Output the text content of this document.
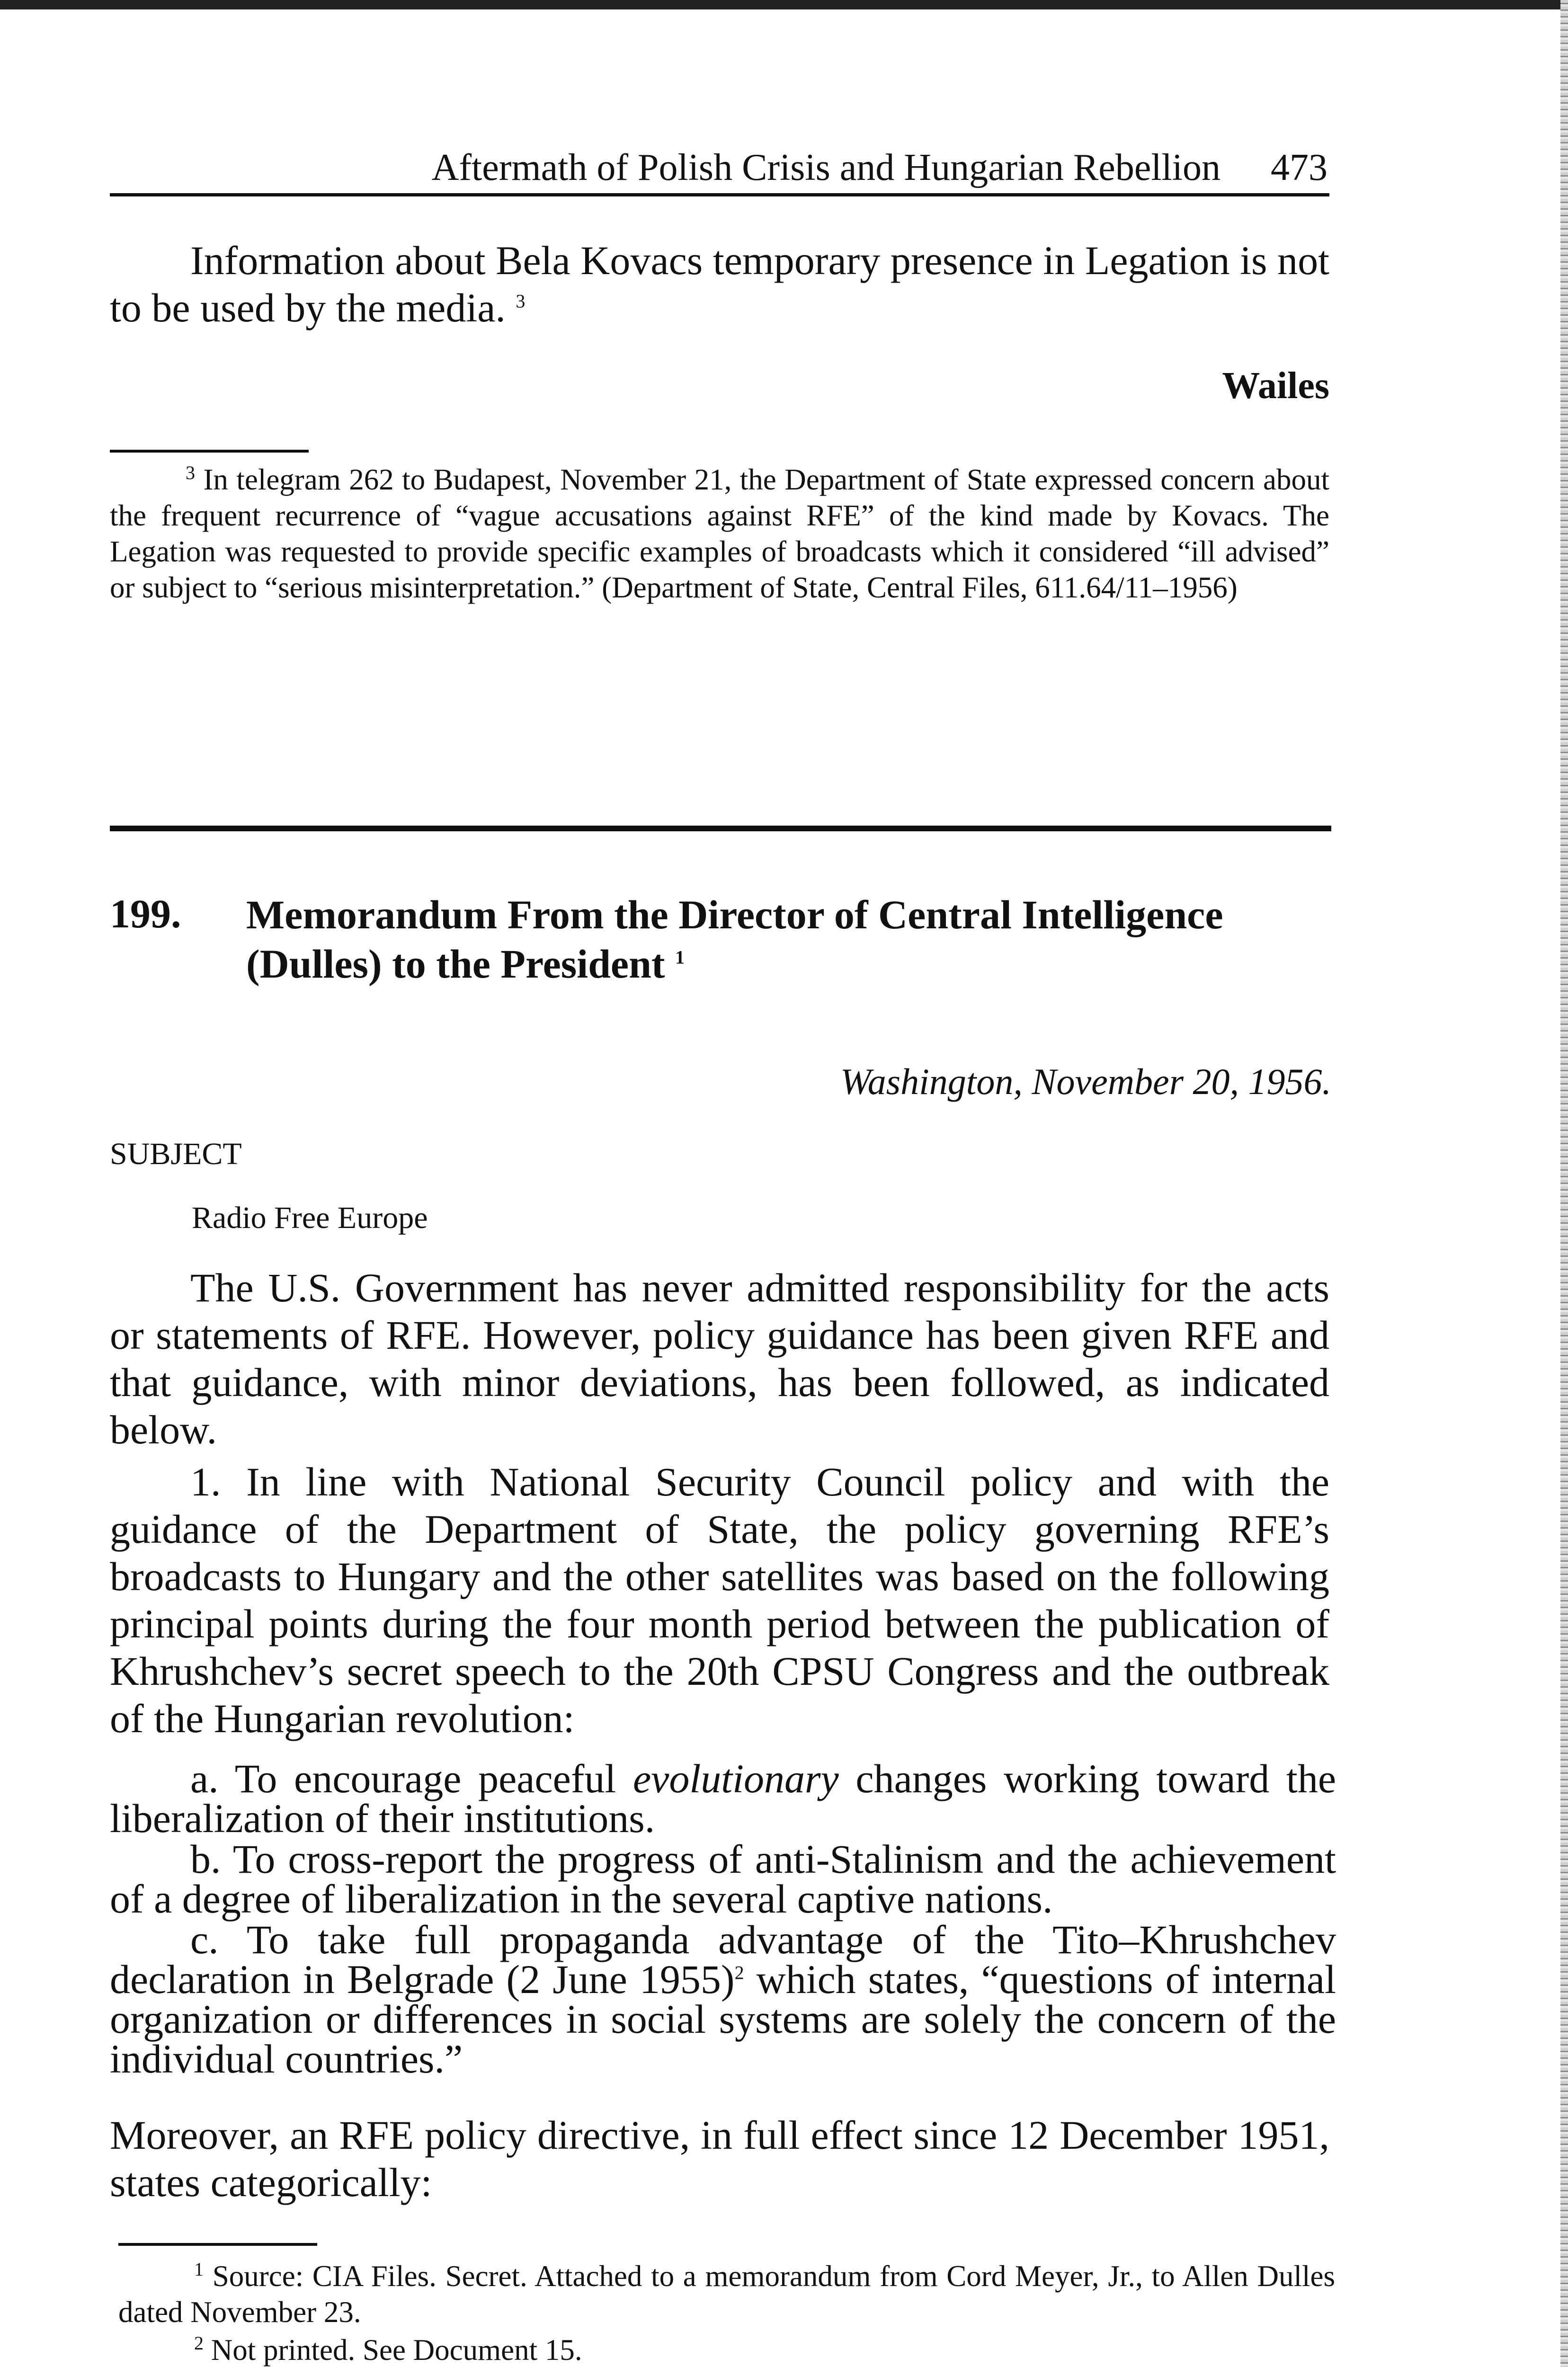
Aftermath of Polish Crisis and Hungarian Rebellion 473
Information about Bela Kovacs temporary presence in Legation is not to be used by the media. $^3$
Wailes
$^3$ In telegram 262 to Budapest, November 21, the Department of State expressed concern about the frequent recurrence of “vague accusations against RFE” of the kind made by Kovacs. The Legation was requested to provide specific examples of broadcasts which it considered “ill advised” or subject to “serious misinterpretation.” (Department of State, Central Files, 611.64/11–1956)
199. Memorandum From the Director of Central Intelligence (Dulles) to the President $^1$
Washington, November 20, 1956.
SUBJECT
Radio Free Europe
The U.S. Government has never admitted responsibility for the acts or statements of RFE. However, policy guidance has been given RFE and that guidance, with minor deviations, has been followed, as indicated below.
1. In line with National Security Council policy and with the guidance of the Department of State, the policy governing RFE’s broadcasts to Hungary and the other satellites was based on the following principal points during the four month period between the publication of Khrushchev’s secret speech to the 20th CPSU Congress and the outbreak of the Hungarian revolution:
a. To encourage peaceful evolutionary changes working toward the liberalization of their institutions.
b. To cross-report the progress of anti-Stalinism and the achievement of a degree of liberalization in the several captive nations.
c. To take full propaganda advantage of the Tito–Khrushchev declaration in Belgrade (2 June 1955)$^2$ which states, “questions of internal organization or differences in social systems are solely the concern of the individual countries.”
Moreover, an RFE policy directive, in full effect since 12 December 1951, states categorically:
$^1$ Source: CIA Files. Secret. Attached to a memorandum from Cord Meyer, Jr., to Allen Dulles dated November 23.
$^2$ Not printed. See Document 15.
